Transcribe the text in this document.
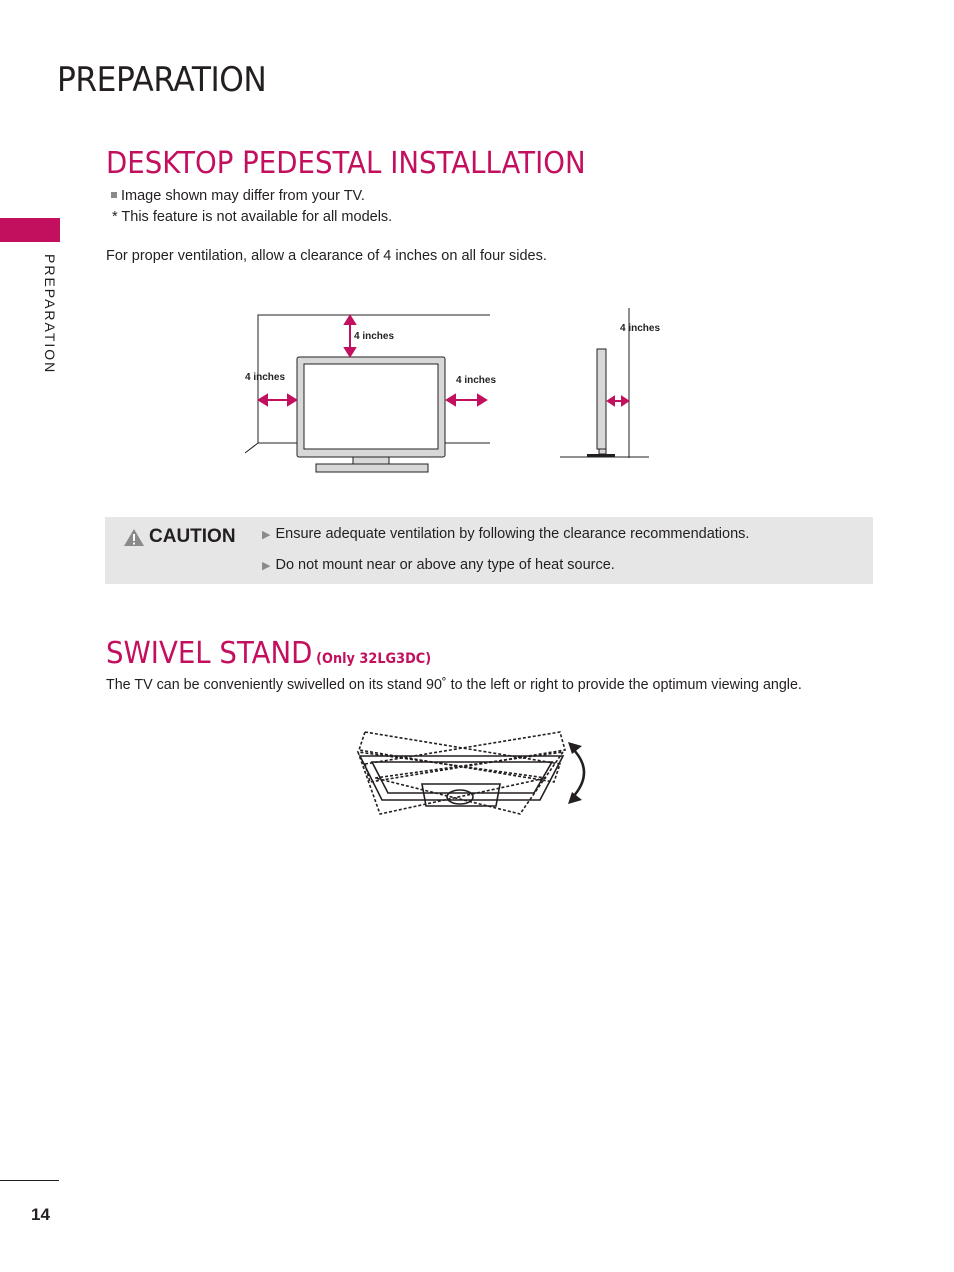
PREPARATION
PREPARATION
DESKTOP PEDESTAL INSTALLATION
Image shown may differ from your TV.
* This feature is not available for all models.
For proper ventilation, allow a clearance of 4 inches on all four sides.
4 inches
4 inches	4 inches
4 inches
CAUTION ▶ Ensure adequate ventilation by following the clearance recommendations.
▶ Do not mount near or above any type of heat source.
SWIVEL STAND (Only 32LG3DC)
The TV can be conveniently swivelled on its stand 90˚ to the left or right to provide the optimum viewing angle.
14
